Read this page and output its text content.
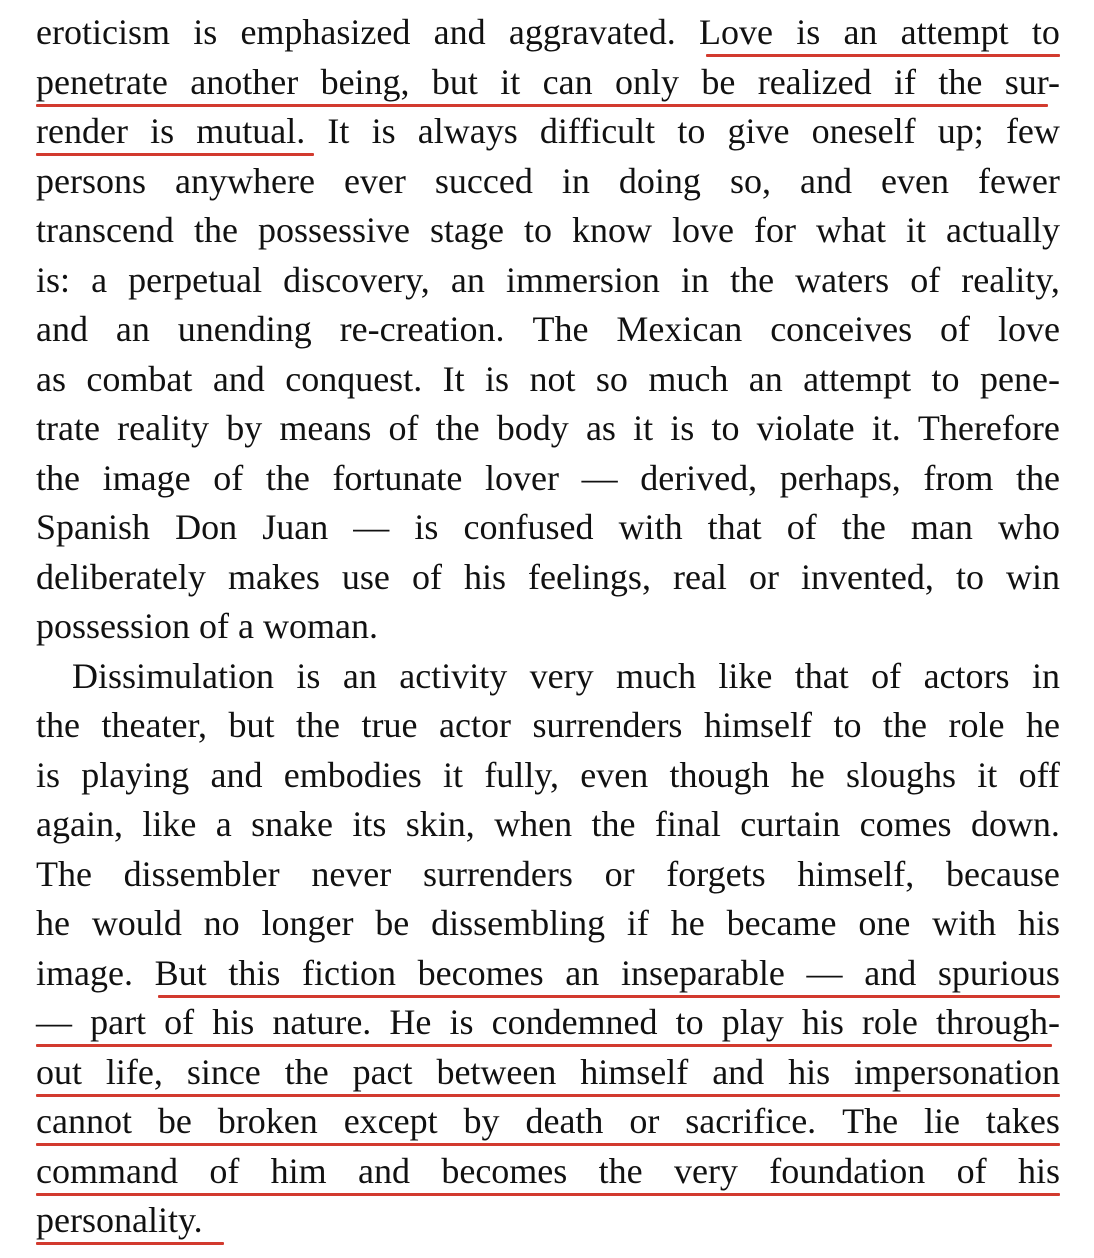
eroticism is emphasized and aggravated. Love is an attempt to
penetrate another being, but it can only be realized if the sur-
render is mutual. It is always difficult to give oneself up; few
persons anywhere ever succed in doing so, and even fewer
transcend the possessive stage to know love for what it actually
is: a perpetual discovery, an immersion in the waters of reality,
and an unending re-creation. The Mexican conceives of love
as combat and conquest. It is not so much an attempt to pene-
trate reality by means of the body as it is to violate it. Therefore
the image of the fortunate lover — derived, perhaps, from the
Spanish Don Juan — is confused with that of the man who
deliberately makes use of his feelings, real or invented, to win
possession of a woman.
Dissimulation is an activity very much like that of actors in
the theater, but the true actor surrenders himself to the role he
is playing and embodies it fully, even though he sloughs it off
again, like a snake its skin, when the final curtain comes down.
The dissembler never surrenders or forgets himself, because
he would no longer be dissembling if he became one with his
image. But this fiction becomes an inseparable — and spurious
— part of his nature. He is condemned to play his role through-
out life, since the pact between himself and his impersonation
cannot be broken except by death or sacrifice. The lie takes
command of him and becomes the very foundation of his
personality.
